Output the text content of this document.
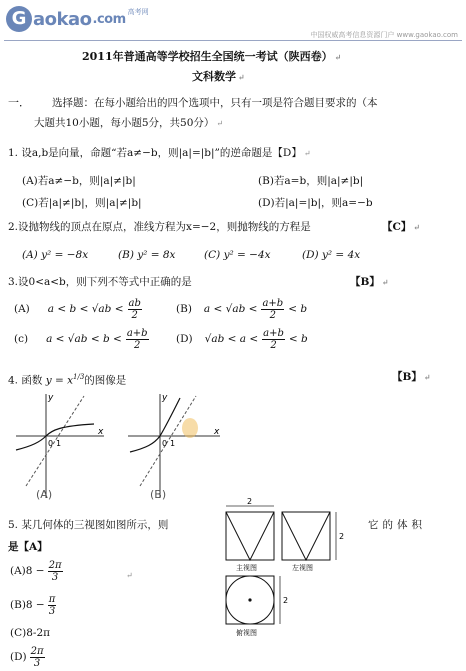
G aokao .com 高考网
中国权威高考信息资源门户 www.gaokao.com
2011年普通高等学校招生全国统一考试（陕西卷） ↵
文科数学 ↵
一． 选择题：在每小题给出的四个选项中，只有一项是符合题目要求的（本
大题共10小题，每小题5分，共50分） ↵
1. 设a,b是向量，命题“若a≠−b，则|a|=|b|”的逆命题是【D】 ↵
(A)若a≠−b，则|a|≠|b|	(B)若a=b，则|a|≠|b|
(C)若|a|≠|b|，则|a|≠|b|	(D)若|a|=|b|，则a=−b
2.设抛物线的顶点在原点，准线方程为x=−2，则抛物线的方程是	【C】 ↵
(A) y² = −8x	(B) y² = 8x	(C) y² = −4x	(D) y² = 4x
3.设0<a<b，则下列不等式中正确的是	【B】 ↵
(A) $a < b < √ab < \frac{ab}{2}$	(B) $a < √ab < \frac{a+b}{2} < b$
(c) $a < √ab < b < \frac{a+b}{2}$	(D) $√ab < a < \frac{a+b}{2} < b$
4. 函数 $y = x^{1/3}$的图像是	【B】 ↵
y
x
0 1
(A)
y
x
0 1
(B)
5. 某几何体的三视图如图所示，则	它的体积
是【A】
$(A)8 - \frac{2\pi}{3}$
$(B)8 - \frac{\pi}{3}$
(C)8-2π
$(D) \frac{2\pi}{3}$
↵
2
主视图
2
左视图
2
俯视图
